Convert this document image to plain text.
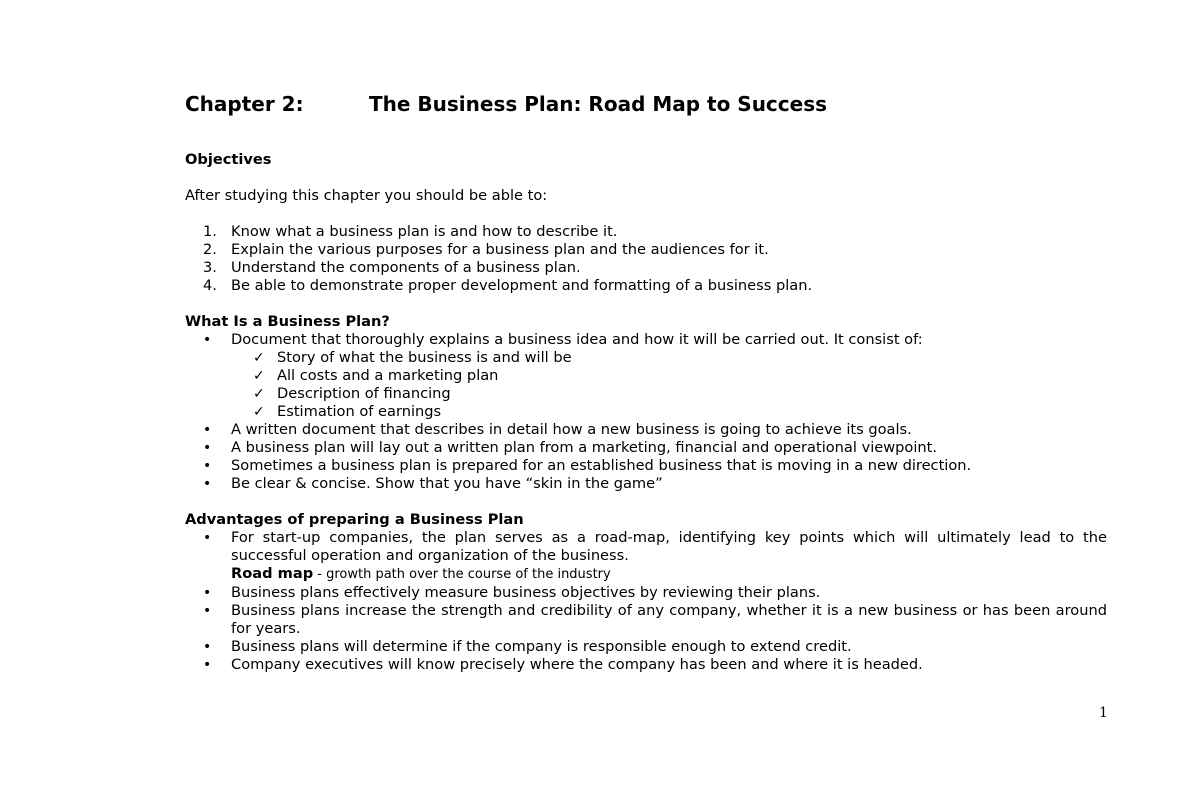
Chapter 2:	The Business Plan: Road Map to Success
Objectives
After studying this chapter you should be able to:
1. Know what a business plan is and how to describe it.
2. Explain the various purposes for a business plan and the audiences for it.
3. Understand the components of a business plan.
4. Be able to demonstrate proper development and formatting of a business plan.
What Is a Business Plan?
• Document that thoroughly explains a business idea and how it will be carried out. It consist of:
✓ Story of what the business is and will be
✓ All costs and a marketing plan
✓ Description of financing
✓ Estimation of earnings
• A written document that describes in detail how a new business is going to achieve its goals.
• A business plan will lay out a written plan from a marketing, financial and operational viewpoint.
• Sometimes a business plan is prepared for an established business that is moving in a new direction.
• Be clear & concise. Show that you have “skin in the game”
Advantages of preparing a Business Plan
• For start-up companies, the plan serves as a road-map, identifying key points which will ultimately lead to the successful operation and organization of the business.
Road map - growth path over the course of the industry
• Business plans effectively measure business objectives by reviewing their plans.
• Business plans increase the strength and credibility of any company, whether it is a new business or has been around for years.
• Business plans will determine if the company is responsible enough to extend credit.
• Company executives will know precisely where the company has been and where it is headed.
1
